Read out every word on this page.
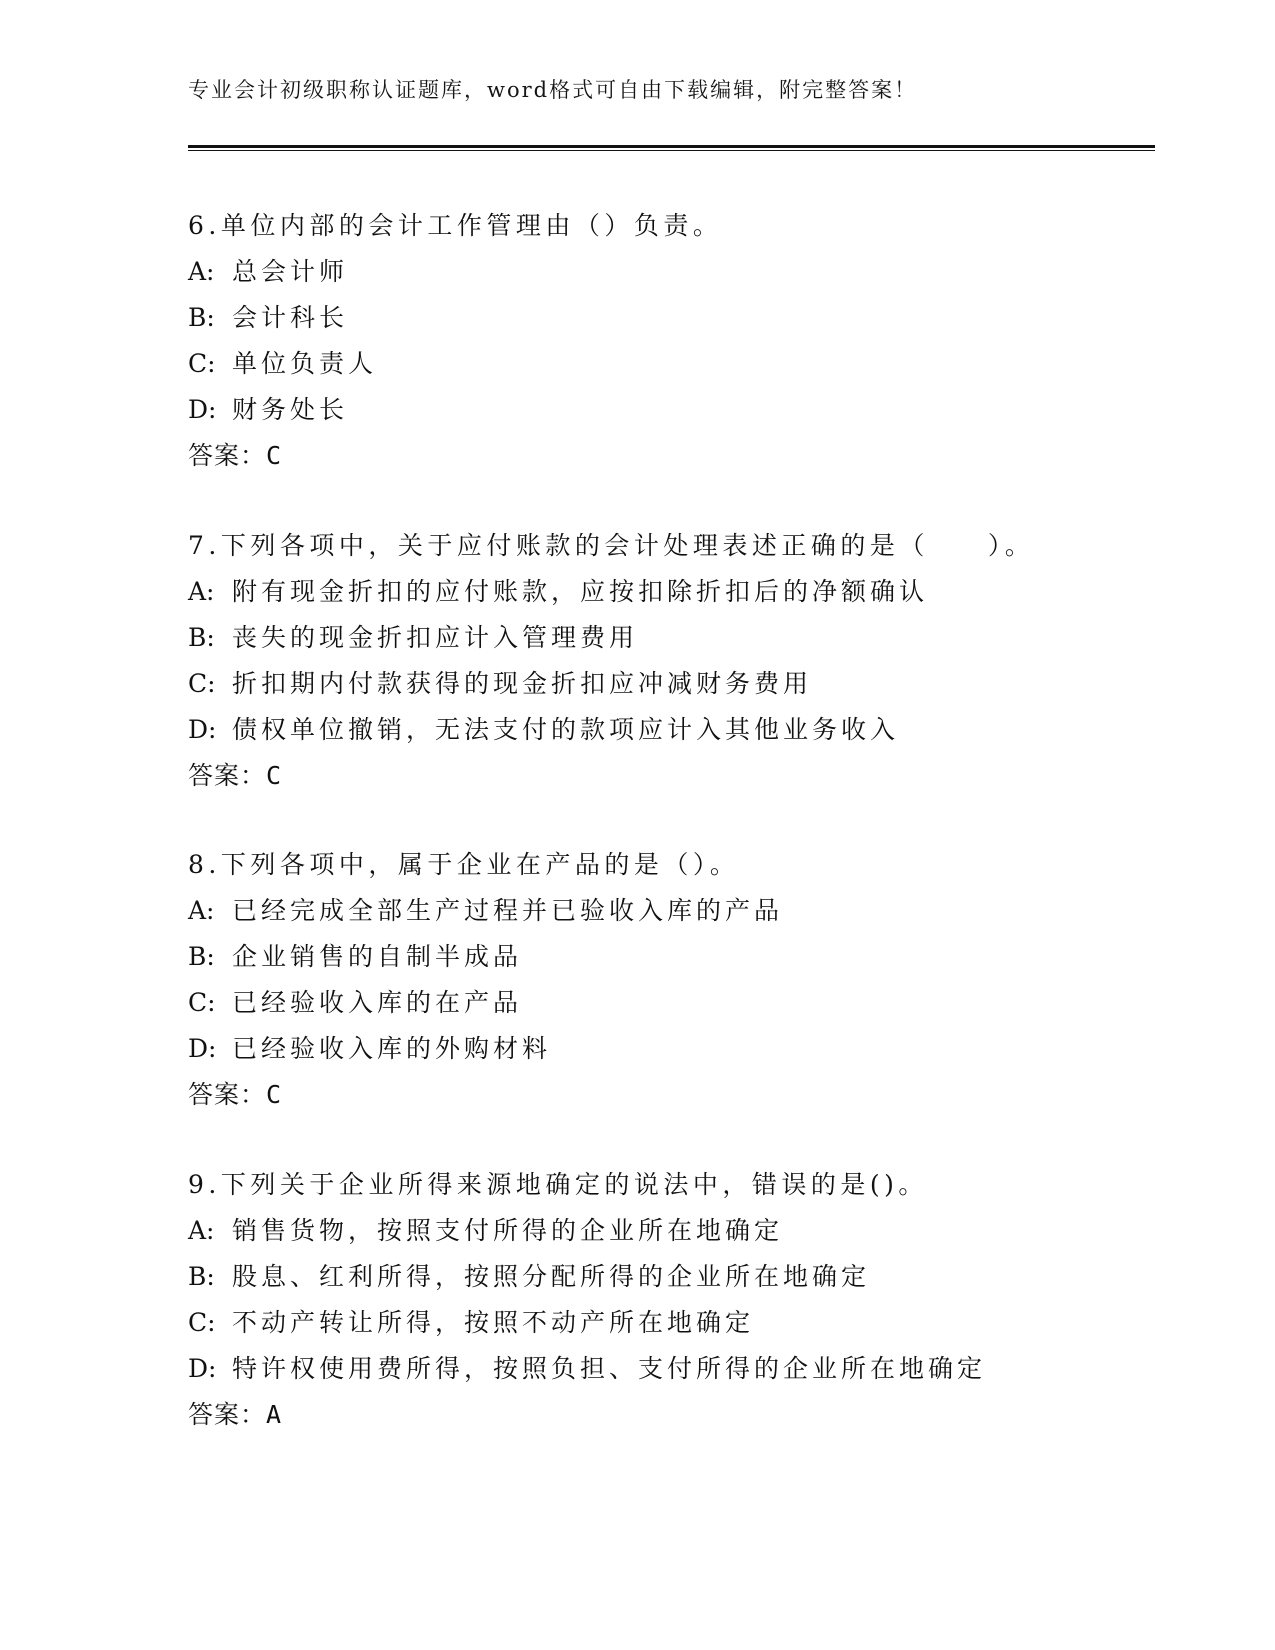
专业会计初级职称认证题库，word格式可自由下载编辑，附完整答案！
6.单位内部的会计工作管理由（）负责。
A: 总会计师
B: 会计科长
C: 单位负责人
D: 财务处长
答案：C
7.下列各项中，关于应付账款的会计处理表述正确的是（　　）。
A: 附有现金折扣的应付账款，应按扣除折扣后的净额确认
B: 丧失的现金折扣应计入管理费用
C: 折扣期内付款获得的现金折扣应冲减财务费用
D: 债权单位撤销，无法支付的款项应计入其他业务收入
答案：C
8.下列各项中，属于企业在产品的是（）。
A: 已经完成全部生产过程并已验收入库的产品
B: 企业销售的自制半成品
C: 已经验收入库的在产品
D: 已经验收入库的外购材料
答案：C
9.下列关于企业所得来源地确定的说法中，错误的是()。
A: 销售货物，按照支付所得的企业所在地确定
B: 股息、红利所得，按照分配所得的企业所在地确定
C: 不动产转让所得，按照不动产所在地确定
D: 特许权使用费所得，按照负担、支付所得的企业所在地确定
答案：A
